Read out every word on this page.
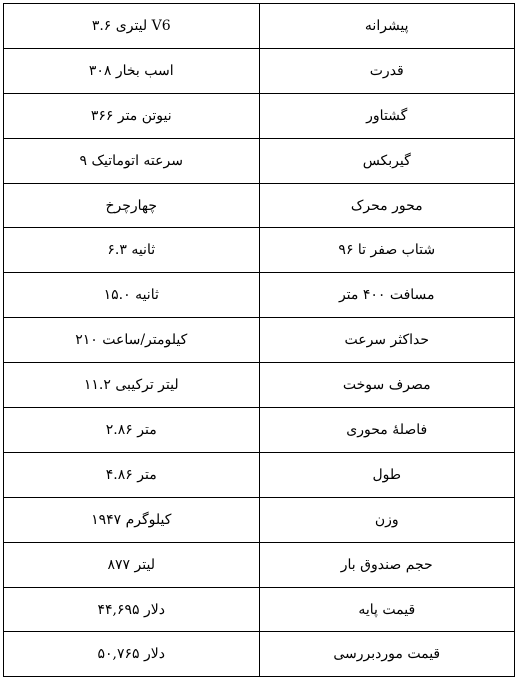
پیشرانه	V6 لیتری ۳.۶
قدرت	اسب بخار ۳۰۸
گشتاور	نیوتن متر ۳۶۶
گیربکس	سرعته اتوماتیک ۹
محور محرک	چهارچرخ
شتاب صفر تا ۹۶	ثانیه ۶.۳
مسافت ۴۰۰ متر	ثانیه ۱۵.۰
حداکثر سرعت	کیلومتر/ساعت ۲۱۰
مصرف سوخت	لیتر ترکیبی ۱۱.۲
فاصلهٔ محوری	متر ۲.۸۶
طول	متر ۴.۸۶
وزن	کیلوگرم ۱۹۴۷
حجم صندوق بار	لیتر ۸۷۷
قیمت پایه	دلار ۴۴,۶۹۵
قیمت موردبررسی	دلار ۵۰,۷۶۵
